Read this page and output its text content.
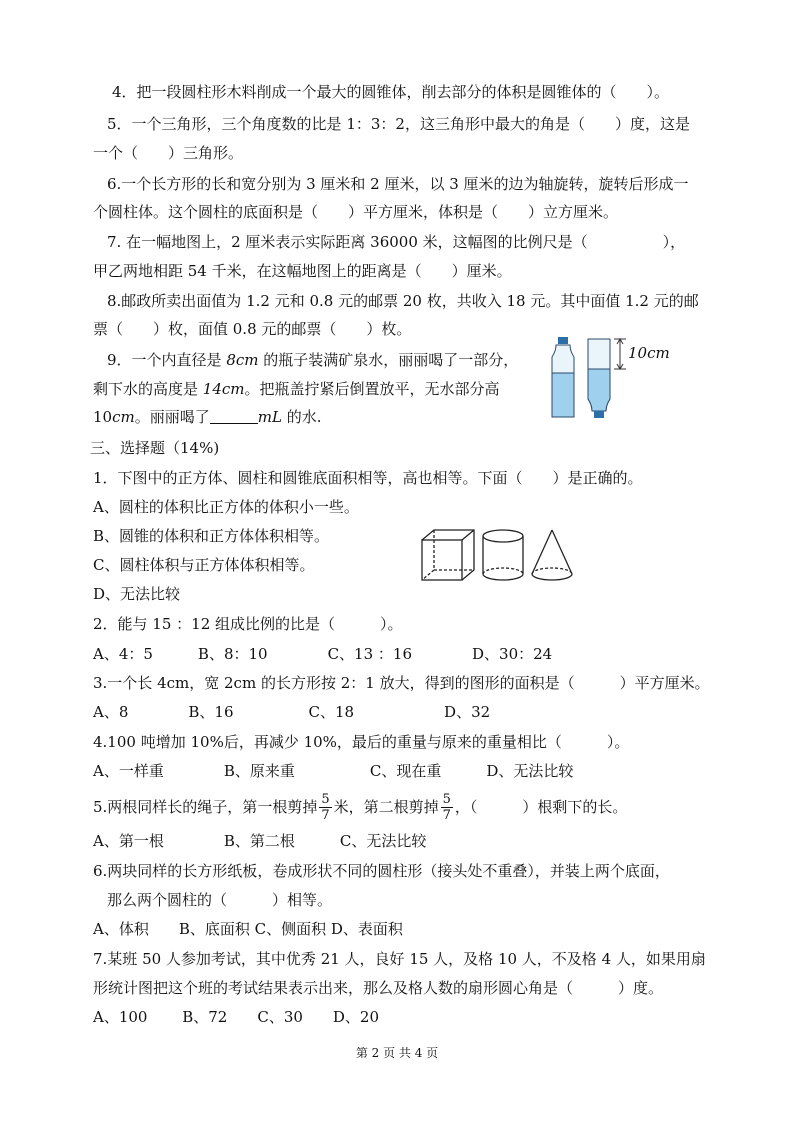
4．把一段圆柱形木料削成一个最大的圆锥体，削去部分的体积是圆锥体的（　　）。
5．一个三角形，三个角度数的比是 1：3：2，这三角形中最大的角是（　　）度，这是
一个（　　）三角形。
6.一个长方形的长和宽分别为 3 厘米和 2 厘米，以 3 厘米的边为轴旋转，旋转后形成一
个圆柱体。这个圆柱的底面积是（　　）平方厘米，体积是（　　）立方厘米。
7. 在一幅地图上，2 厘米表示实际距离 36000 米，这幅图的比例尺是（　　　　　），
甲乙两地相距 54 千米，在这幅地图上的距离是（　　）厘米。
8.邮政所卖出面值为 1.2 元和 0.8 元的邮票 20 枚，共收入 18 元。其中面值 1.2 元的邮
票（　　）枚，面值 0.8 元的邮票（　　）枚。
9．一个内直径是 8cm 的瓶子装满矿泉水，丽丽喝了一部分，
剩下水的高度是 14cm。把瓶盖拧紧后倒置放平，无水部分高
10cm。丽丽喝了	mL 的水.
10cm
三、选择题（14%)
1．下图中的正方体、圆柱和圆锥底面积相等，高也相等。下面（　　）是正确的。
A、圆柱的体积比正方体的体积小一些。
B、圆锥的体积和正方体体积相等。
C、圆柱体积与正方体体积相等。
D、无法比较
2．能与 15 ：12 组成比例的比是（　　　）。
A、4：5　　　B、8：10　　　　C、13 ：16　　　　D、30：24
3.一个长 4cm，宽 2cm 的长方形按 2：1 放大，得到的图形的面积是（　　　）平方厘米。
A、8　　　　B、16　　　　　C、18　　　　　　D、32
4.100 吨增加 10%后，再减少 10%，最后的重量与原来的重量相比（　　　）。
A、一样重　　　　B、原来重　　　　　C、现在重　　　D、无法比较
5.两根同样长的绳子，第一根剪掉 $\frac{5}{7}$ 米，第二根剪掉 $\frac{5}{7}$ ，（　　　）根剩下的长。
A、第一根　　　　B、第二根　　　C、无法比较
6.两块同样的长方形纸板，卷成形状不同的圆柱形（接头处不重叠），并装上两个底面，
那么两个圆柱的（　　　）相等。
A、体积　　B、底面积 C、侧面积 D、表面积
7.某班 50 人参加考试，其中优秀 21 人，良好 15 人，及格 10 人，不及格 4 人，如果用扇
形统计图把这个班的考试结果表示出来，那么及格人数的扇形圆心角是（　　　）度。
A、100　　 B、72　　C、30　　D、20
第 2 页 共 4 页
